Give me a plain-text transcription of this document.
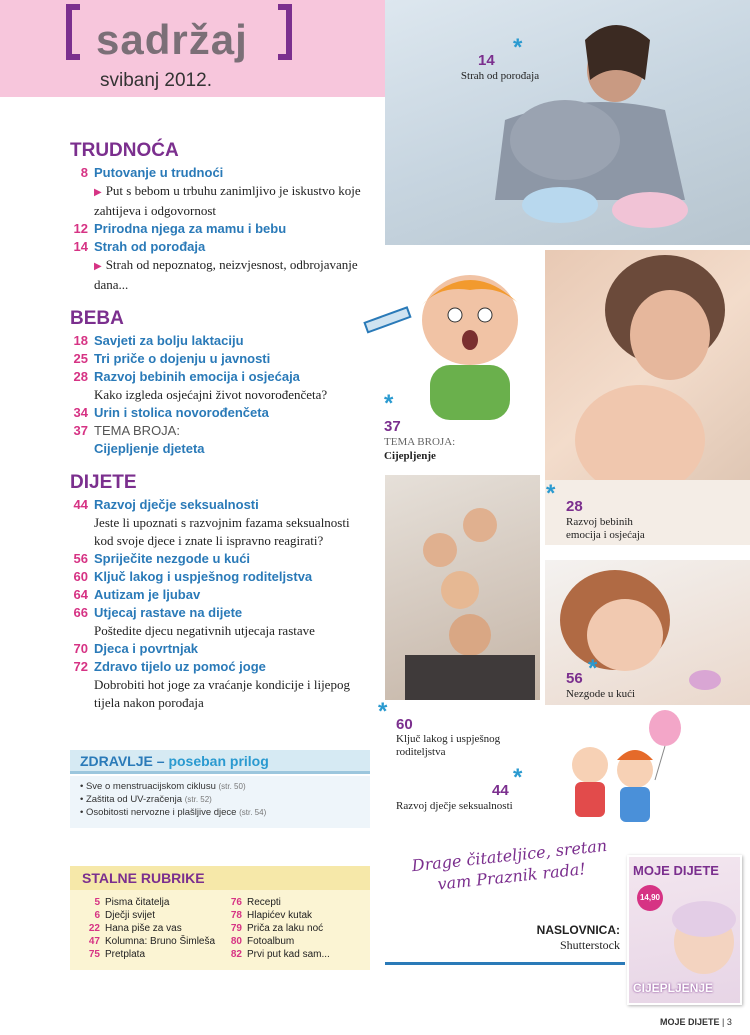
sadržaj
svibanj 2012.
TRUDNOĆA
8 Putovanje u trudnoći
▶ Put s bebom u trbuhu zanimljivo je iskustvo koje zahtijeva i odgovornost
12 Prirodna njega za mamu i bebu
14 Strah od porođaja
▶ Strah od nepoznatog, neizvjesnost, odbrojavanje dana...
BEBA
18 Savjeti za bolju laktaciju
25 Tri priče o dojenju u javnosti
28 Razvoj bebinih emocija i osjećaja
Kako izgleda osjećajni život novorođenčeta?
34 Urin i stolica novorođenčeta
37 TEMA BROJA:
Cijepljenje djeteta
DIJETE
44 Razvoj dječje seksualnosti
Jeste li upoznati s razvojnim fazama seksualnosti kod svoje djece i znate li ispravno reagirati?
56 Spriječite nezgode u kući
60 Ključ lakog i uspješnog roditeljstva
64 Autizam je ljubav
66 Utjecaj rastave na dijete
Poštedite djecu negativnih utjecaja rastave
70 Djeca i povrtnjak
72 Zdravo tijelo uz pomoć joge
Dobrobiti hot joge za vraćanje kondicije i lijepog tijela nakon porođaja
ZDRAVLJE – poseban prilog
• Sve o menstruacijskom ciklusu (str. 50)
• Zaštita od UV-zračenja (str. 52)
• Osobitosti nervozne i plašljive djece (str. 54)
STALNE RUBRIKE
5 Pisma čitatelja
6 Dječji svijet
22 Hana piše za vas
47 Kolumna: Bruno Šimleša
75 Pretplata
76 Recepti
78 Hlapićev kutak
79 Priča za laku noć
80 Fotoalbum
82 Prvi put kad sam...
*
14
Strah od porođaja
*
37
TEMA BROJA:
Cijepljenje
* 28
Razvoj bebinih emocija i osjećaja
*
56
Nezgode u kući
* 60
Ključ lakog i uspješnog roditeljstva
*
44
Razvoj dječje seksualnosti
Drage čitateljice, sretan vam Praznik rada!
NASLOVNICA:
Shutterstock
MOJE DIJETE
14,90
CIJEPLJENJE
MOJE DIJETE | 3
